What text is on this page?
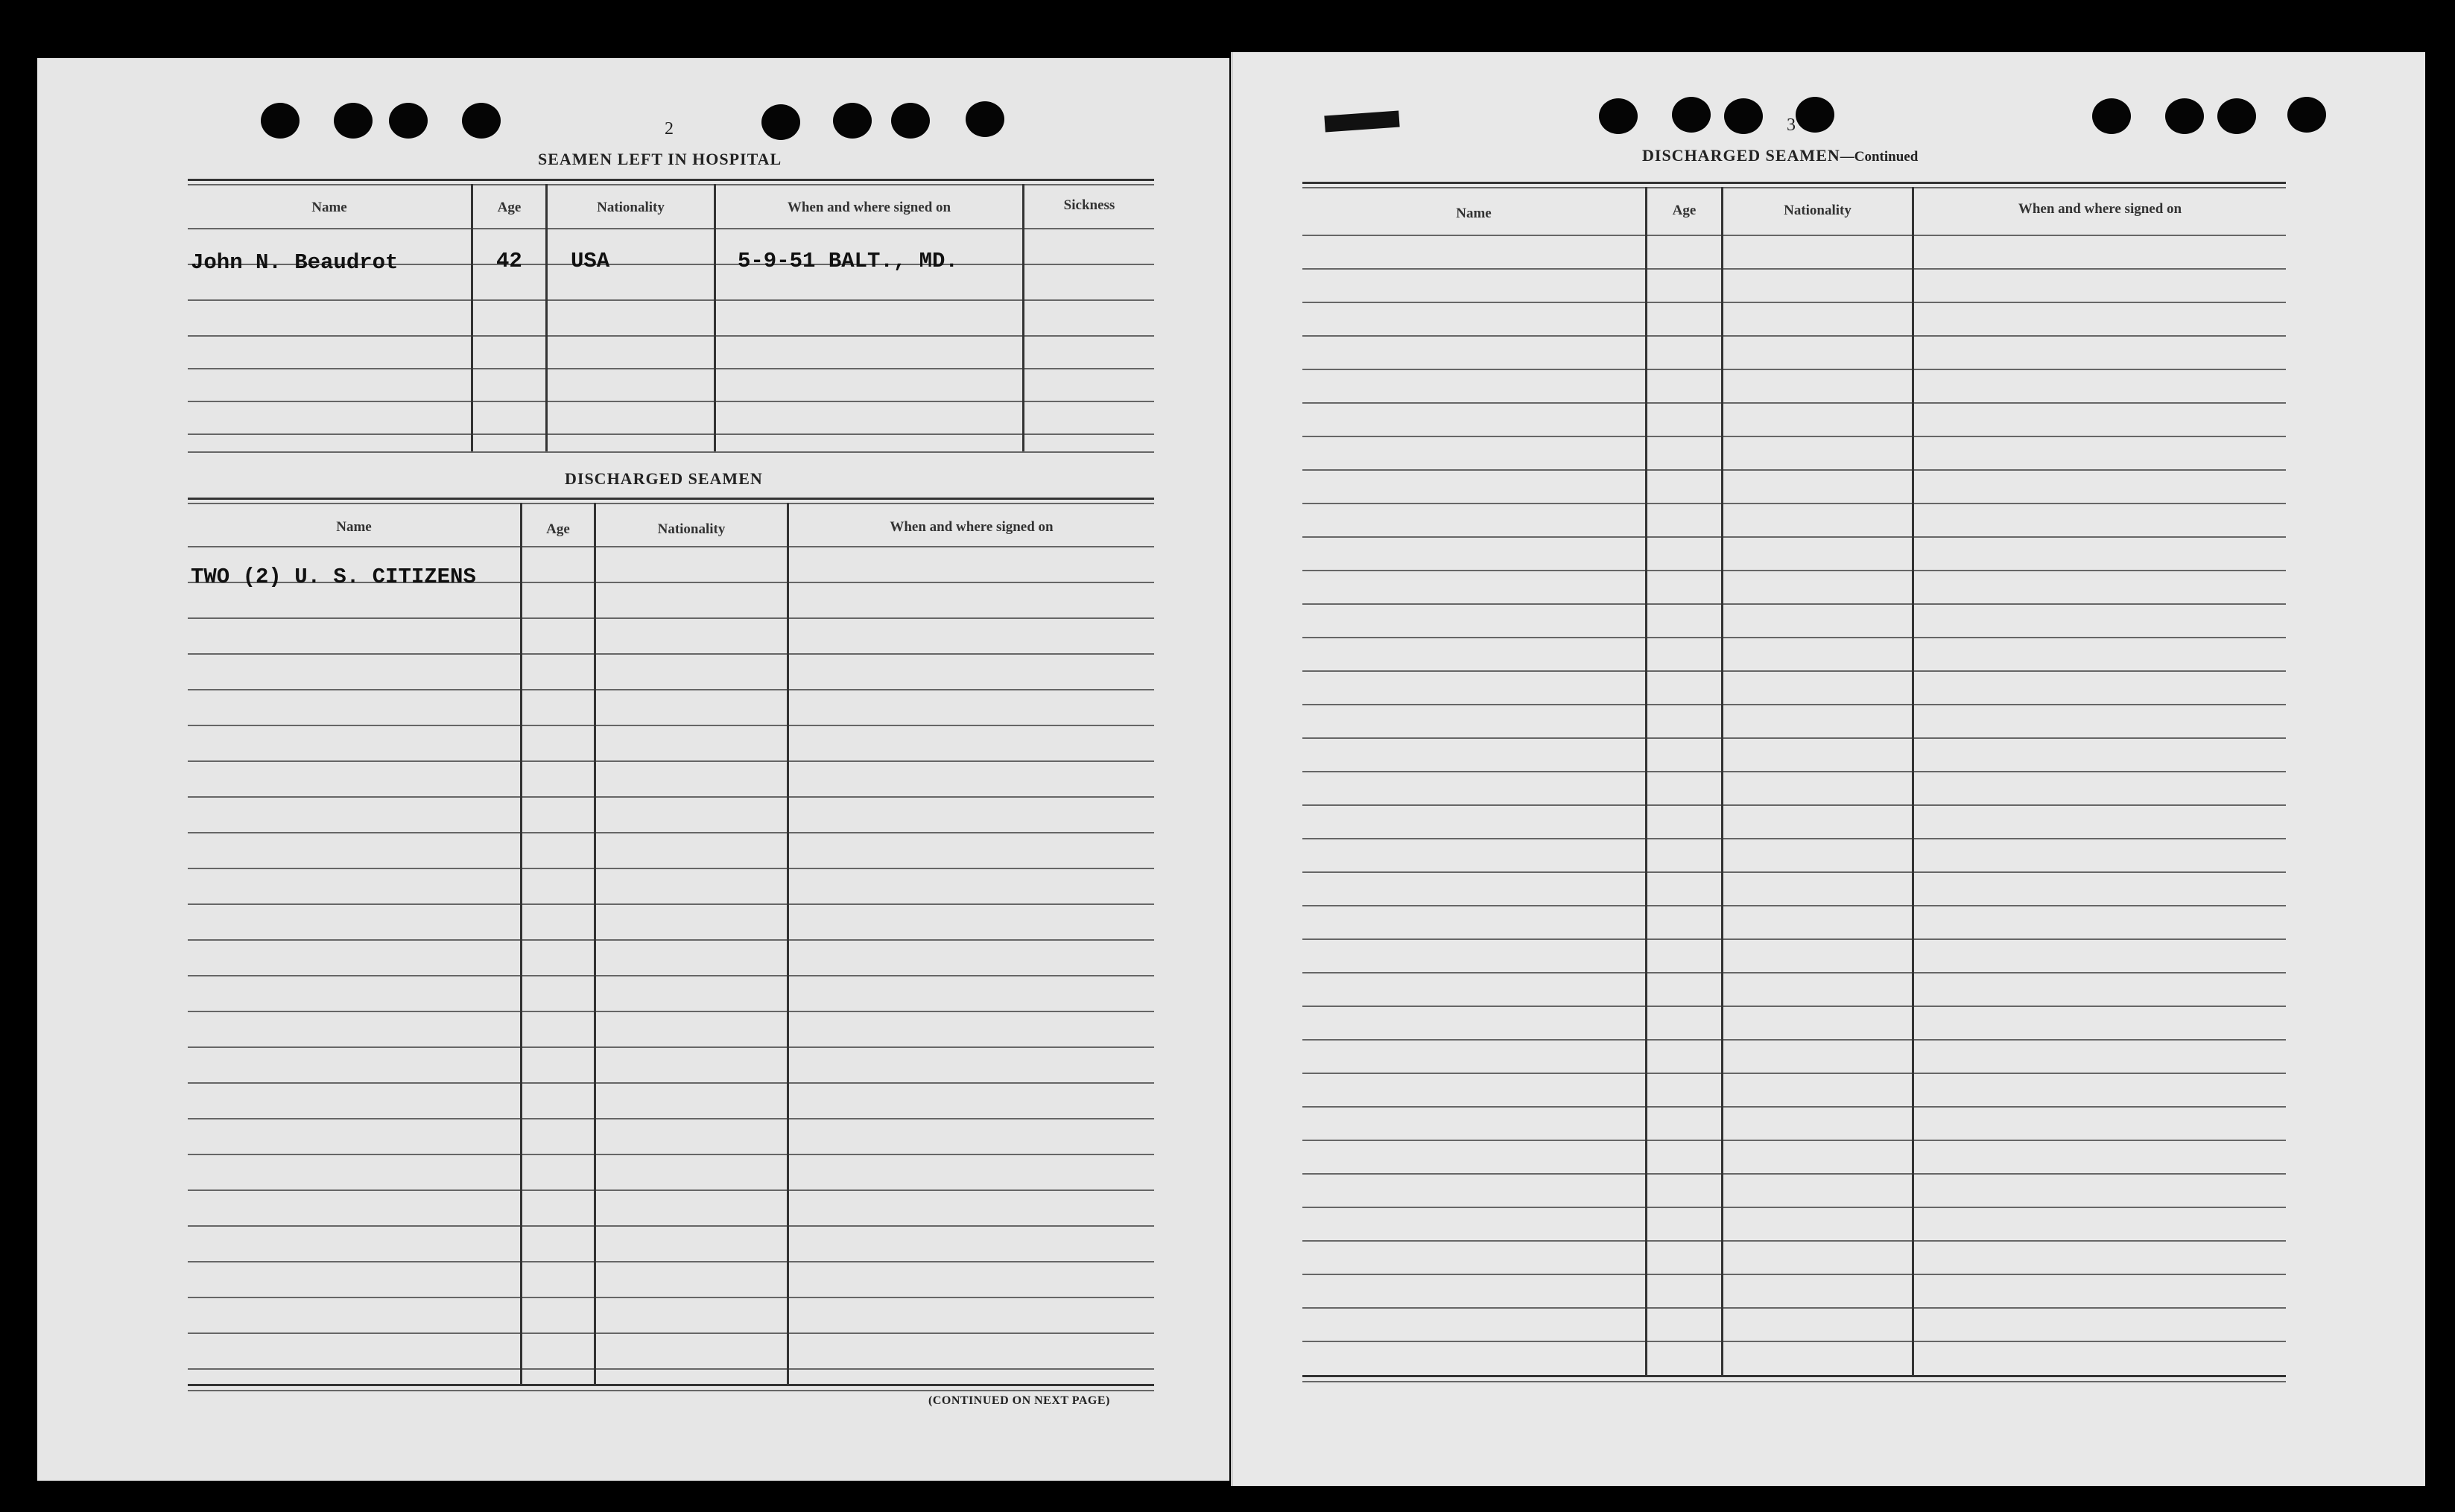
2
SEAMEN LEFT IN HOSPITAL
Name	Age	Nationality	When and where signed on	Sickness
John N. Beaudrot	42 USA	5-9-51 BALT., MD.
DISCHARGED SEAMEN
Name	Age	Nationality	When and where signed on
TWO (2) U. S. CITIZENS
(CONTINUED ON NEXT PAGE)
3
DISCHARGED SEAMEN—Continued
Name	Age	Nationality	When and where signed on
